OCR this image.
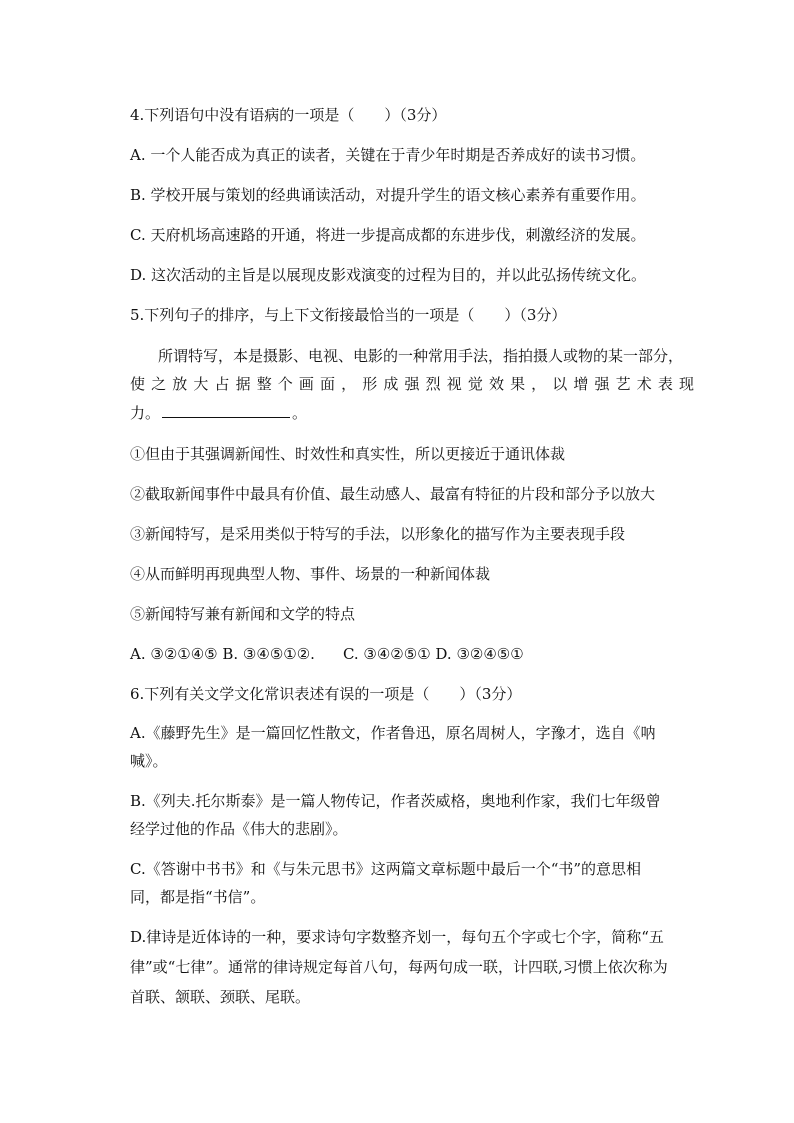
4.下列语句中没有语病的一项是（　　）（3分）
A. 一个人能否成为真正的读者，关键在于青少年时期是否养成好的读书习惯。
B. 学校开展与策划的经典诵读活动，对提升学生的语文核心素养有重要作用。
C. 天府机场高速路的开通，将进一步提高成都的东进步伐，刺激经济的发展。
D. 这次活动的主旨是以展现皮影戏演变的过程为目的，并以此弘扬传统文化。
5.下列句子的排序，与上下文衔接最恰当的一项是（　　）（3分）
所谓特写，本是摄影、电视、电影的一种常用手法，指拍摄人或物的某一部分，
使之放大占据整个画面，形成强烈视觉效果，以增强艺术表现
力。	。
①但由于其强调新闻性、时效性和真实性，所以更接近于通讯体裁
②截取新闻事件中最具有价值、最生动感人、最富有特征的片段和部分予以放大
③新闻特写，是采用类似于特写的手法，以形象化的描写作为主要表现手段
④从而鲜明再现典型人物、事件、场景的一种新闻体裁
⑤新闻特写兼有新闻和文学的特点
A. ③②①④⑤ B. ③④⑤①②. C. ③④②⑤① D. ③②④⑤①
6.下列有关文学文化常识表述有误的一项是（　　）（3分）
A.《藤野先生》是一篇回忆性散文，作者鲁迅，原名周树人，字豫才，选自《呐
喊》。
B.《列夫.托尔斯泰》是一篇人物传记，作者茨威格，奥地利作家，我们七年级曾
经学过他的作品《伟大的悲剧》。
C.《答谢中书书》和《与朱元思书》这两篇文章标题中最后一个“书”的意思相
同，都是指“书信”。
D.律诗是近体诗的一种，要求诗句字数整齐划一，每句五个字或七个字，简称“五
律”或“七律”。通常的律诗规定每首八句，每两句成一联，计四联,习惯上依次称为
首联、颔联、颈联、尾联。
